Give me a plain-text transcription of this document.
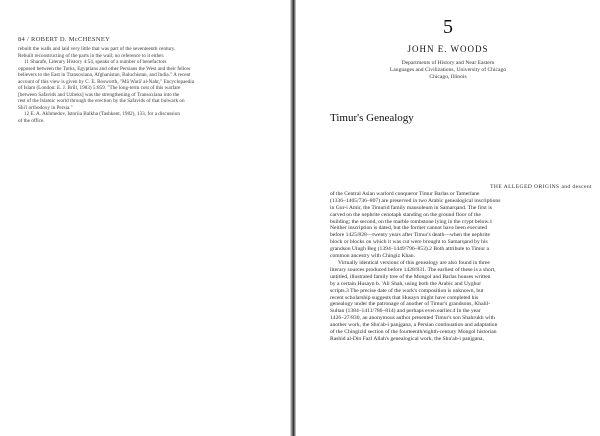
84 / ROBERT D. McCHESNEY

rebuilt the walls and laid very little that was part of the seventeenth century.

Rebuilt reconstructing of the parts in the wall; no reference to it either.

11 Sharafe, Literary History 4:54, speaks of a number of benefactors

opposed between the Turks, Egyptians and other Persians the West and their fellow

believers to the East in Transoxiana, Afghanistan, Baluchistan, and India." A recent

account of this view is given by C. E. Bosworth, "Mā Warā' al-Nahr," Encyclopaedia

of Islam (London: E. J. Brill, 1983) 5:859. "The long-term cost of this warfare

[between Safavids and Uzbeks] was the strengthening of Transoxiana into the

rest of the Islamic world through the erection by the Safavids of that bulwark on

Shi'i orthodoxy in Persia."

12 E. A. Akhmedov, Istoriia Balkha (Tashkent, 1982), 133, for a discussion

of the office.

5
JOHN E. WOODS
Departments of History and Near Eastern
Languages and Civilizations, University of Chicago
Chicago, Illinois
Timur's Genealogy

THE ALLEGED ORIGINS and descent

of the Central Asian warlord conqueror Timur Barlas or Tamerlane

(1336–1405/736–807) are preserved in two Arabic genealogical inscriptions

in Gur-i Amir, the Timurid family mausoleum in Samarqand. The first is

carved on the nephrite cenotaph standing on the ground floor of the

building; the second, on the marble tombstone lying in the crypt below.1

Neither inscription is dated, but the former cannot have been executed

before 1425/828—twenty years after Timur's death—when the nephrite

block or blocks on which it was cut were brought to Samarqand by his

grandson Ulugh Beg (1394–1449/796–853).2 Both attribute to Timur a

common ancestry with Chingiz Khan.

Virtually identical versions of this genealogy are also found in three

literary sources produced before 1428/831. The earliest of these is a short,

untitled, illustrated family tree of the Mongol and Barlas houses written

by a certain Husayn b. 'Ali Shah, using both the Arabic and Uyghur

scripts.3 The precise date of the work's composition is unknown, but

recent scholarship suggests that Husayn might have completed his

genealogy under the patronage of another of Timur's grandsons, Khalil-

Sultan (1384–1411/786–814) and perhaps even earlier.4 In the year

1426–27/830, an anonymous author presented Timur's son Shahrukh with

another work, the Shu'ab-i panjgana, a Persian continuation and adaptation

of the Chingizid section of the fourteenth/eighth-century Mongol historian

Rashid al-Din Fazl Allah's genealogical work, the Shu'ab-i panjgana,
